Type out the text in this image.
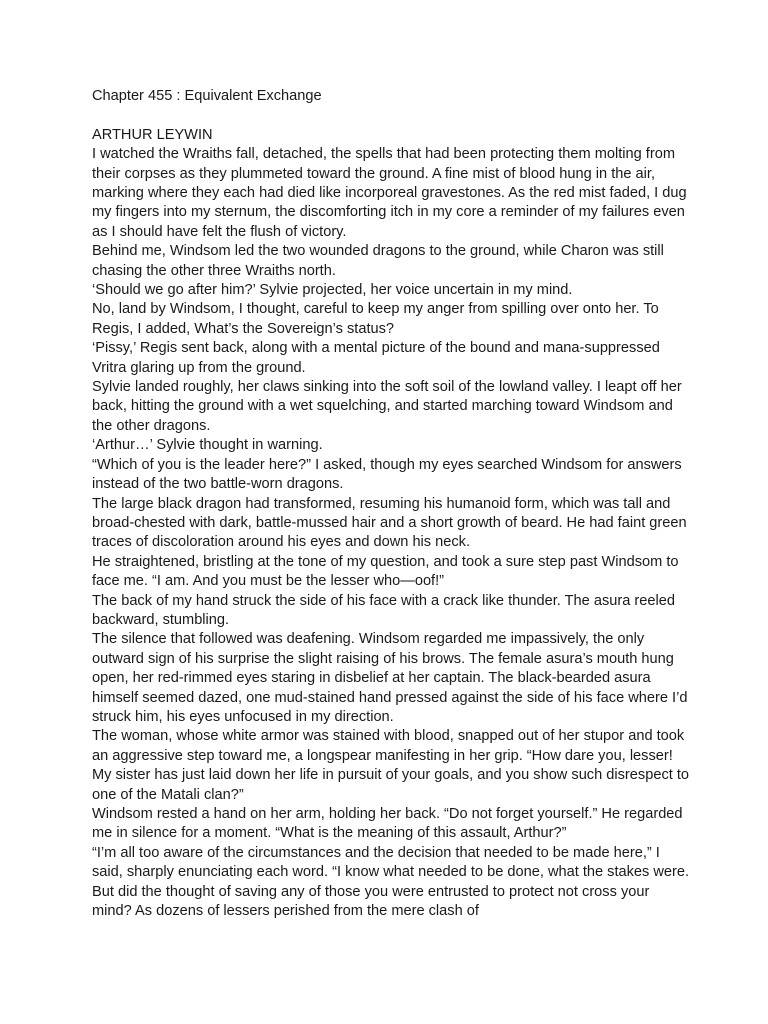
Chapter 455 : Equivalent Exchange

ARTHUR LEYWIN

I watched the Wraiths fall, detached, the spells that had been protecting them molting from their corpses as they plummeted toward the ground. A fine mist of blood hung in the air, marking where they each had died like incorporeal gravestones. As the red mist faded, I dug my fingers into my sternum, the discomforting itch in my core a reminder of my failures even as I should have felt the flush of victory.

Behind me, Windsom led the two wounded dragons to the ground, while Charon was still chasing the other three Wraiths north.

‘Should we go after him?’ Sylvie projected, her voice uncertain in my mind.

No, land by Windsom, I thought, careful to keep my anger from spilling over onto her. To Regis, I added, What’s the Sovereign’s status?

‘Pissy,’ Regis sent back, along with a mental picture of the bound and mana-suppressed Vritra glaring up from the ground.

Sylvie landed roughly, her claws sinking into the soft soil of the lowland valley. I leapt off her back, hitting the ground with a wet squelching, and started marching toward Windsom and the other dragons.

‘Arthur…’ Sylvie thought in warning.

“Which of you is the leader here?” I asked, though my eyes searched Windsom for answers instead of the two battle-worn dragons.

The large black dragon had transformed, resuming his humanoid form, which was tall and broad-chested with dark, battle-mussed hair and a short growth of beard. He had faint green traces of discoloration around his eyes and down his neck.

He straightened, bristling at the tone of my question, and took a sure step past Windsom to face me. “I am. And you must be the lesser who—oof!”

The back of my hand struck the side of his face with a crack like thunder. The asura reeled backward, stumbling.

The silence that followed was deafening. Windsom regarded me impassively, the only outward sign of his surprise the slight raising of his brows. The female asura’s mouth hung open, her red-rimmed eyes staring in disbelief at her captain. The black-bearded asura himself seemed dazed, one mud-stained hand pressed against the side of his face where I’d struck him, his eyes unfocused in my direction.

The woman, whose white armor was stained with blood, snapped out of her stupor and took an aggressive step toward me, a longspear manifesting in her grip. “How dare you, lesser! My sister has just laid down her life in pursuit of your goals, and you show such disrespect to one of the Matali clan?”

Windsom rested a hand on her arm, holding her back. “Do not forget yourself.” He regarded me in silence for a moment. “What is the meaning of this assault, Arthur?”

“I’m all too aware of the circumstances and the decision that needed to be made here,” I said, sharply enunciating each word. “I know what needed to be done, what the stakes were. But did the thought of saving any of those you were entrusted to protect not cross your mind? As dozens of lessers perished from the mere clash of
